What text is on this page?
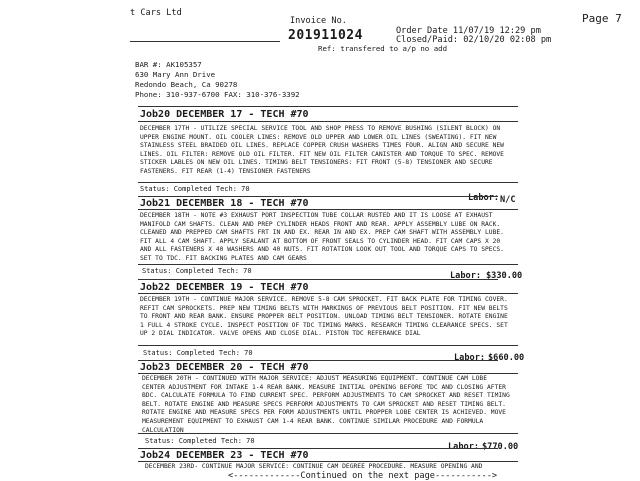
t Cars Ltd
Invoice No.
201911024
Page 7
Order Date 11/07/19 12:29 pm
Closed/Paid: 02/10/20 02:08 pm
Ref: transfered to a/p no add
BAR #: AK105357
630 Mary Ann Drive
Redondo Beach, Ca 90278
Phone: 310-937-6700 FAX: 310-376-3392
Job20 DECEMBER 17 - TECH #70
DECEMBER 17TH - UTILIZE SPECIAL SERVICE TOOL AND SHOP PRESS TO REMOVE BUSHING (SILENT BLOCK) ON UPPER ENGINE MOUNT. OIL COOLER LINES: REMOVE OLD UPPER AND LOWER OIL LINES (SWEATING). FIT NEW STAINLESS STEEL BRAIDED OIL LINES. REPLACE COPPER CRUSH WASHERS TIMES FOUR. ALIGN AND SECURE NEW LINES. OIL FILTER: REMOVE OLD OIL FILTER. FIT NEW OIL FILTER CANISTER AND TORQUE TO SPEC. REMOVE STICKER LABLES ON NEW OIL LINES. TIMING BELT TENSIONERS: FIT FRONT (5-8) TENSIONER AND SECURE FASTENERS. FIT REAR (1-4) TENSIONER FASTENERS
Status: Completed Tech: 70
Labor: N/C
Job21 DECEMBER 18 - TECH #70
DECEMBER 18TH - NOTE #3 EXHAUST PORT INSPECTION TUBE COLLAR RUSTED AND IT IS LOOSE AT EXHAUST MANIFOLD CAM SHAFTS. CLEAN AND PREP CYLINDER HEADS FRONT AND REAR. APPLY ASSEMBLY LUBE ON RACK. CLEANED AND PREPPED CAM SHAFTS FRT IN AND EX. REAR IN AND EX. PREP CAM SHAFT WITH ASSEMBLY LUBE. FIT ALL 4 CAM SHAFT. APPLY SEALANT AT BOTTOM OF FRONT SEALS TO CYLINDER HEAD. FIT CAM CAPS X 20 AND ALL FASTENERS X 40 WASHERS AND 40 NUTS. FIT ROTATION LOOK OUT TOOL AND TORQUE CAPS TO SPECS. SET TO TDC. FIT BACKING PLATES AND CAM GEARS
Status: Completed Tech: 70	Labor: $330.00
Job22 DECEMBER 19 - TECH #70
DECEMBER 19TH - CONTINUE MAJOR SERVICE. REMOVE 5-8 CAM SPROCKET. FIT BACK PLATE FOR TIMING COVER. REFIT CAM SPROCKETS. PREP NEW TIMING BELTS WITH MARKINGS OF PREVIOUS BELT POSITION. FIT NEW BELTS TO FRONT AND REAR BANK. ENSURE PROPPER BELT POSITION. UNLOAD TIMING BELT TENSIONER. ROTATE ENGINE 1 FULL 4 STROKE CYCLE. INSPECT POSITION OF TDC TIMING MARKS. RESEARCH TIMING CLEARANCE SPECS. SET UP 2 DIAL INDICATOR. VALVE OPENS AND CLOSE DIAL. PISTON TDC REFERANCE DIAL
Status: Completed Tech: 70	Labor: $660.00
Job23 DECEMBER 20 - TECH #70
DECEMBER 20TH - CONTINUED WITH MAJOR SERVICE: ADJUST MEASURING EQUIPMENT. CONTINUE CAM LOBE CENTER ADJUSTMENT FOR INTAKE 1-4 REAR BANK. MEASURE INITIAL OPENING BEFORE TDC AND CLOSING AFTER BDC. CALCULATE FORMULA TO FIND CURRENT SPEC. PERFORM ADJUSTMENTS TO CAM SPROCKET AND RESET TIMING BELT. ROTATE ENGINE AND MEASURE SPECS PERFORM ADJUSTMENTS TO CAM SPROCKET AND RESET TIMING BELT. ROTATE ENGINE AND MEASURE SPECS PER FORM ADJUSTMENTS UNTIL PROPPER LOBE CENTER IS ACHIEVED. MOVE MEASUREMENT EQUIPMENT TO EXHAUST CAM 1-4 REAR BANK. CONTINUE SIMILAR PROCEDURE AND FORMULA CALCULATION
Status: Completed Tech: 70
Labor: $770.00
Job24 DECEMBER 23 - TECH #70
DECEMBER 23RD- CONTINUE MAJOR SERVICE: CONTINUE CAM DEGREE PROCEDURE. MEASURE OPENING AND
<-------------Continued on the next page----------->
